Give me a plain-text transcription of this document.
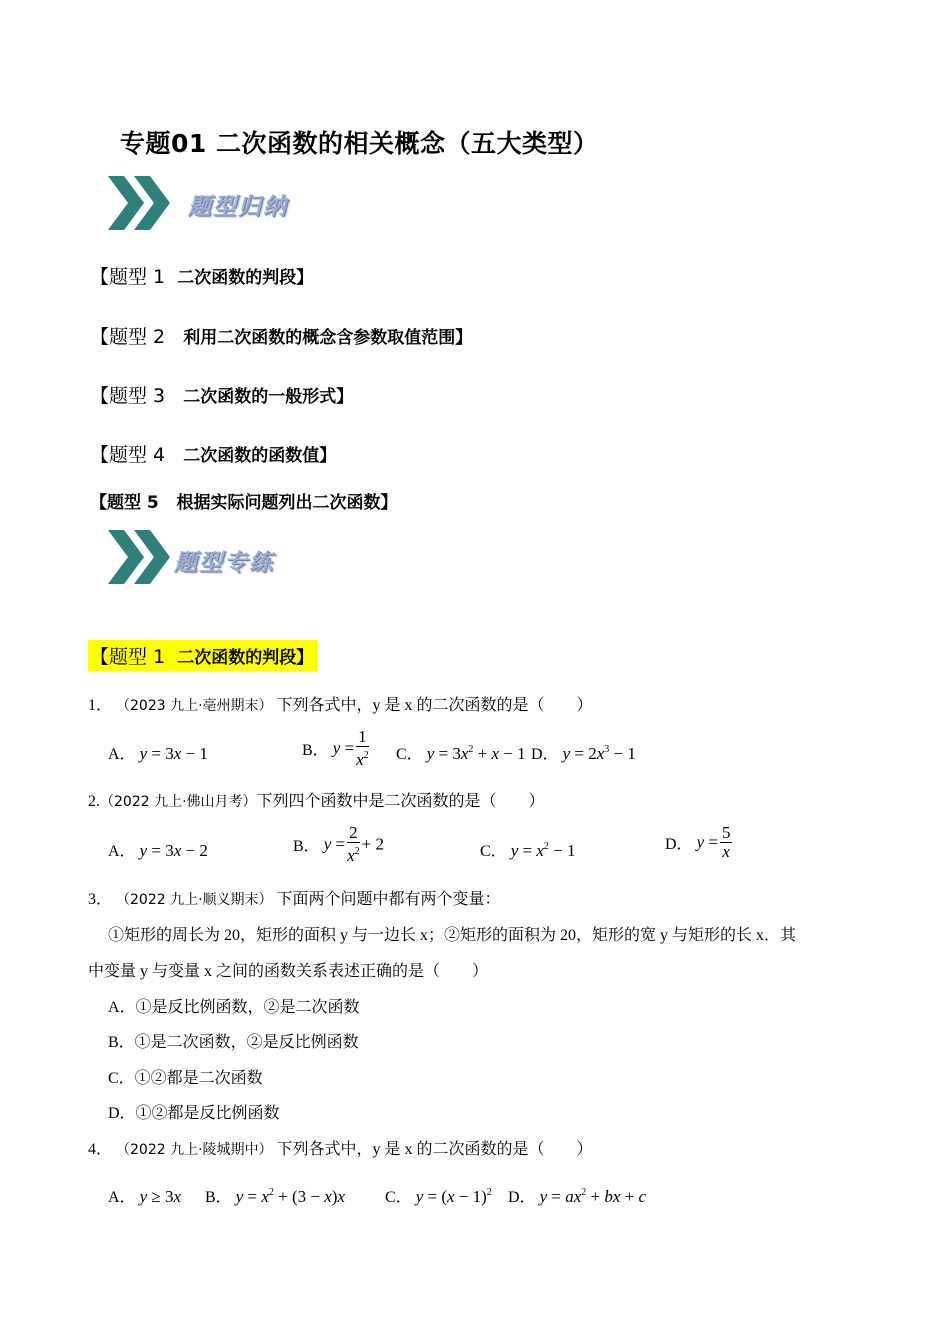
专题01 二次函数的相关概念（五大类型）
题型归纳
【题型 1 二次函数的判段】
【题型 2 利用二次函数的概念含参数取值范围】
【题型 3 二次函数的一般形式】
【题型 4 二次函数的函数值】
【题型 5 根据实际问题列出二次函数】
题型专练
【题型 1 二次函数的判段】
1． （2023 九上·亳州期末） 下列各式中，y 是 x 的二次函数的是（　　）
A． y = 3x − 1	B． $y = \frac{1}{x^2}$ C． $y = 3x^2 + x - 1$ D． $y = 2x^3 - 1$
2.（2022 九上·佛山月考）下列四个函数中是二次函数的是（　　）
A． y = 3x − 2	B． $y = \frac{2}{x^2} + 2$	C． $y = x^2 - 1$	D． $y = \frac{5}{x}$
3． （2022 九上·顺义期末） 下面两个问题中都有两个变量：
①矩形的周长为 20，矩形的面积 y 与一边长 x；②矩形的面积为 20，矩形的宽 y 与矩形的长 x．其
中变量 y 与变量 x 之间的函数关系表述正确的是（　　）
A．①是反比例函数，②是二次函数
B．①是二次函数，②是反比例函数
C．①②都是二次函数
D．①②都是反比例函数
4． （2022 九上·陵城期中） 下列各式中，y 是 x 的二次函数的是（　　）
A． y ≥ 3x B． $y = x^2 + (3 - x)x$	C． $y = (x - 1)^2$ D． $y = ax^2$ + bx + c
